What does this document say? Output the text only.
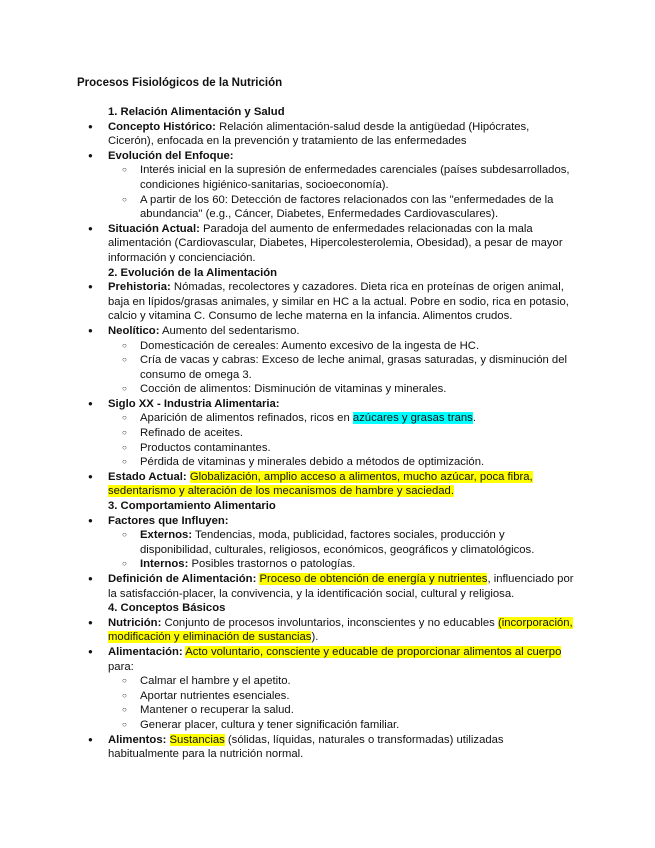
Procesos Fisiológicos de la Nutrición
1. Relación Alimentación y Salud
● Concepto Histórico: Relación alimentación-salud desde la antigüedad (Hipócrates, Cicerón), enfocada en la prevención y tratamiento de las enfermedades
● Evolución del Enfoque:
○ Interés inicial en la supresión de enfermedades carenciales (países subdesarrollados, condiciones higiénico-sanitarias, socioeconomía).
○ A partir de los 60: Detección de factores relacionados con las "enfermedades de la abundancia" (e.g., Cáncer, Diabetes, Enfermedades Cardiovasculares).
● Situación Actual: Paradoja del aumento de enfermedades relacionadas con la mala alimentación (Cardiovascular, Diabetes, Hipercolesterolemia, Obesidad), a pesar de mayor información y concienciación.
2. Evolución de la Alimentación
● Prehistoria: Nómadas, recolectores y cazadores. Dieta rica en proteínas de origen animal, baja en lípidos/grasas animales, y similar en HC a la actual. Pobre en sodio, rica en potasio, calcio y vitamina C. Consumo de leche materna en la infancia. Alimentos crudos.
● Neolítico: Aumento del sedentarismo.
○ Domesticación de cereales: Aumento excesivo de la ingesta de HC.
○ Cría de vacas y cabras: Exceso de leche animal, grasas saturadas, y disminución del consumo de omega 3.
○ Cocción de alimentos: Disminución de vitaminas y minerales.
● Siglo XX - Industria Alimentaria:
○ Aparición de alimentos refinados, ricos en azúcares y grasas trans.
○ Refinado de aceites.
○ Productos contaminantes.
○ Pérdida de vitaminas y minerales debido a métodos de optimización.
● Estado Actual: Globalización, amplio acceso a alimentos, mucho azúcar, poca fibra, sedentarismo y alteración de los mecanismos de hambre y saciedad.
3. Comportamiento Alimentario
● Factores que Influyen:
○ Externos: Tendencias, moda, publicidad, factores sociales, producción y disponibilidad, culturales, religiosos, económicos, geográficos y climatológicos.
○ Internos: Posibles trastornos o patologías.
● Definición de Alimentación: Proceso de obtención de energía y nutrientes, influenciado por la satisfacción-placer, la convivencia, y la identificación social, cultural y religiosa.
4. Conceptos Básicos
● Nutrición: Conjunto de procesos involuntarios, inconscientes y no educables (incorporación, modificación y eliminación de sustancias).
● Alimentación: Acto voluntario, consciente y educable de proporcionar alimentos al cuerpo para:
○ Calmar el hambre y el apetito.
○ Aportar nutrientes esenciales.
○ Mantener o recuperar la salud.
○ Generar placer, cultura y tener significación familiar.
● Alimentos: Sustancias (sólidas, líquidas, naturales o transformadas) utilizadas habitualmente para la nutrición normal.
